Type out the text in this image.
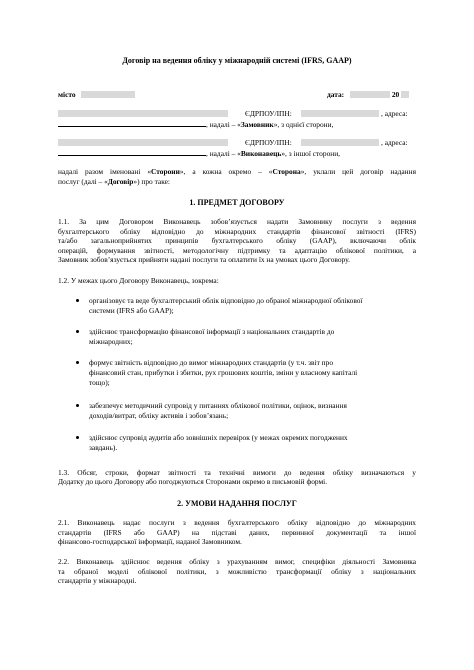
Договір на ведення обліку у міжнародній системі (IFRS, GAAP)
місто	дата:	20
ЄДРПОУ/ІПН:	, адреса:
, надалі – «Замовник», з однієї сторони,
ЄДРПОУ/ІПН:	, адреса:
, надалі – «Виконавець», з іншої сторони,
надалі разом іменовані «Сторони», а кожна окремо – «Сторона», уклали цей договір надання
послуг (далі – «Договір») про таке:
1. ПРЕДМЕТ ДОГОВОРУ
1.1. За цим Договором Виконавець зобов’язується надати Замовнику послуги з ведення
бухгалтерського обліку відповідно до міжнародних стандартів фінансової звітності (IFRS)
та/або загальноприйнятих принципів бухгалтерського обліку (GAAP), включаючи облік
операцій, формування звітності, методологічну підтримку та адаптацію облікової політики, а
Замовник зобов’язується прийняти надані послуги та оплатити їх на умовах цього Договору.
1.2. У межах цього Договору Виконавець, зокрема:
організовує та веде бухгалтерський облік відповідно до обраної міжнародної облікової
системи (IFRS або GAAP);
здійснює трансформацію фінансової інформації з національних стандартів до
міжнародних;
формує звітність відповідно до вимог міжнародних стандартів (у т.ч. звіт про
фінансовий стан, прибутки і збитки, рух грошових коштів, зміни у власному капіталі
тощо);
забезпечує методичний супровід у питаннях облікової політики, оцінок, визнання
доходів/витрат, обліку активів і зобов’язань;
здійснює супровід аудитів або зовнішніх перевірок (у межах окремих погоджених
завдань).
1.3. Обсяг, строки, формат звітності та технічні вимоги до ведення обліку визначаються у
Додатку до цього Договору або погоджуються Сторонами окремо в письмовій формі.
2. УМОВИ НАДАННЯ ПОСЛУГ
2.1. Виконавець надає послуги з ведення бухгалтерського обліку відповідно до міжнародних
стандартів (IFRS або GAAP) на підставі даних, первинної документації та іншої
фінансово-господарської інформації, наданої Замовником.
2.2. Виконавець здійснює ведення обліку з урахуванням вимог, специфіки діяльності Замовника
та обраної моделі облікової політики, з можливістю трансформації обліку з національних
стандартів у міжнародні.
